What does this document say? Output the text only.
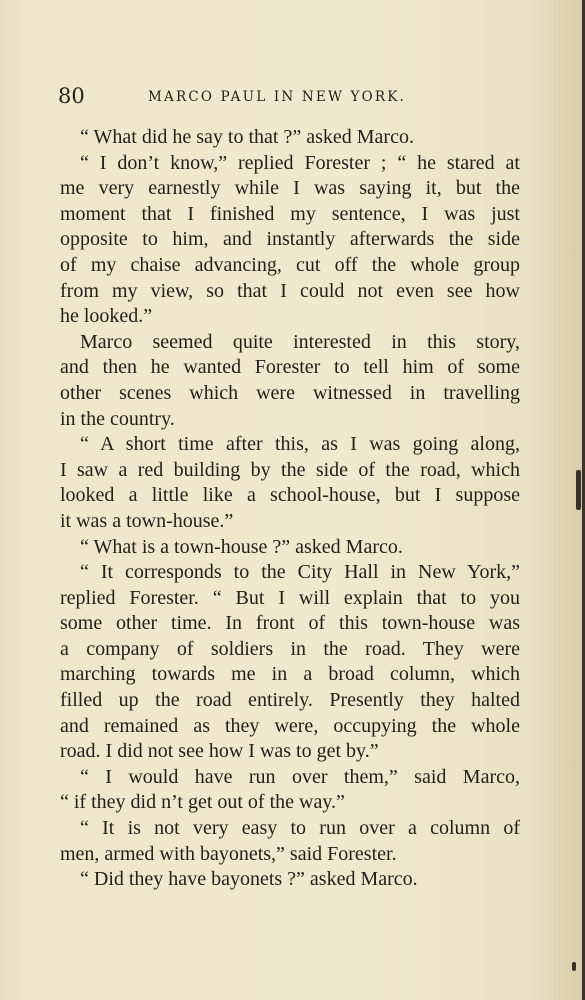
80	MARCO PAUL IN NEW YORK.
“ What did he say to that ?” asked Marco.
“ I don’t know,” replied Forester ; “ he stared at
me very earnestly while I was saying it, but the
moment that I finished my sentence, I was just
opposite to him, and instantly afterwards the side
of my chaise advancing, cut off the whole group
from my view, so that I could not even see how
he looked.”
Marco seemed quite interested in this story,
and then he wanted Forester to tell him of some
other scenes which were witnessed in travelling
in the country.
“ A short time after this, as I was going along,
I saw a red building by the side of the road, which
looked a little like a school-house, but I suppose
it was a town-house.”
“ What is a town-house ?” asked Marco.
“ It corresponds to the City Hall in New York,”
replied Forester. “ But I will explain that to you
some other time. In front of this town-house was
a company of soldiers in the road. They were
marching towards me in a broad column, which
filled up the road entirely. Presently they halted
and remained as they were, occupying the whole
road. I did not see how I was to get by.”
“ I would have run over them,” said Marco,
“ if they did n’t get out of the way.”
“ It is not very easy to run over a column of
men, armed with bayonets,” said Forester.
“ Did they have bayonets ?” asked Marco.
